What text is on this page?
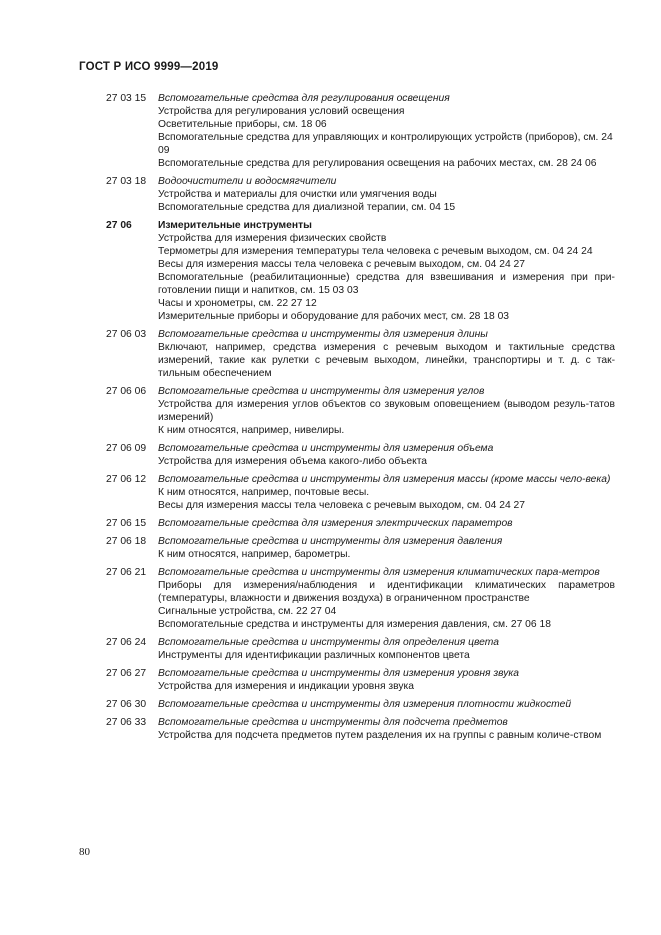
ГОСТ Р ИСО 9999—2019
27 03 15 Вспомогательные средства для регулирования освещения
Устройства для регулирования условий освещения
Осветительные приборы, см. 18 06
Вспомогательные средства для управляющих и контролирующих устройств (приборов), см. 24 09
Вспомогательные средства для регулирования освещения на рабочих местах, см. 28 24 06
27 03 18 Водоочистители и водосмягчители
Устройства и материалы для очистки или умягчения воды
Вспомогательные средства для диализной терапии, см. 04 15
27 06	Измерительные инструменты
Устройства для измерения физических свойств
Термометры для измерения температуры тела человека с речевым выходом, см. 04 24 24
Весы для измерения массы тела человека с речевым выходом, см. 04 24 27
Вспомогательные (реабилитационные) средства для взвешивания и измерения при при-готовлении пищи и напитков, см. 15 03 03
Часы и хронометры, см. 22 27 12
Измерительные приборы и оборудование для рабочих мест, см. 28 18 03
27 06 03 Вспомогательные средства и инструменты для измерения длины
Включают, например, средства измерения с речевым выходом и тактильные средства измерений, такие как рулетки с речевым выходом, линейки, транспортиры и т. д. с так-тильным обеспечением
27 06 06 Вспомогательные средства и инструменты для измерения углов
Устройства для измерения углов объектов со звуковым оповещением (выводом резуль-татов измерений)
К ним относятся, например, нивелиры.
27 06 09 Вспомогательные средства и инструменты для измерения объема
Устройства для измерения объема какого-либо объекта
27 06 12 Вспомогательные средства и инструменты для измерения массы (кроме массы чело-века)
К ним относятся, например, почтовые весы.
Весы для измерения массы тела человека с речевым выходом, см. 04 24 27
27 06 15 Вспомогательные средства для измерения электрических параметров
27 06 18 Вспомогательные средства и инструменты для измерения давления
К ним относятся, например, барометры.
27 06 21 Вспомогательные средства и инструменты для измерения климатических пара-метров
Приборы для измерения/наблюдения и идентификации климатических параметров (температуры, влажности и движения воздуха) в ограниченном пространстве
Сигнальные устройства, см. 22 27 04
Вспомогательные средства и инструменты для измерения давления, см. 27 06 18
27 06 24 Вспомогательные средства и инструменты для определения цвета
Инструменты для идентификации различных компонентов цвета
27 06 27 Вспомогательные средства и инструменты для измерения уровня звука
Устройства для измерения и индикации уровня звука
27 06 30 Вспомогательные средства и инструменты для измерения плотности жидкостей
27 06 33 Вспомогательные средства и инструменты для подсчета предметов
Устройства для подсчета предметов путем разделения их на группы с равным количе-ством
80
